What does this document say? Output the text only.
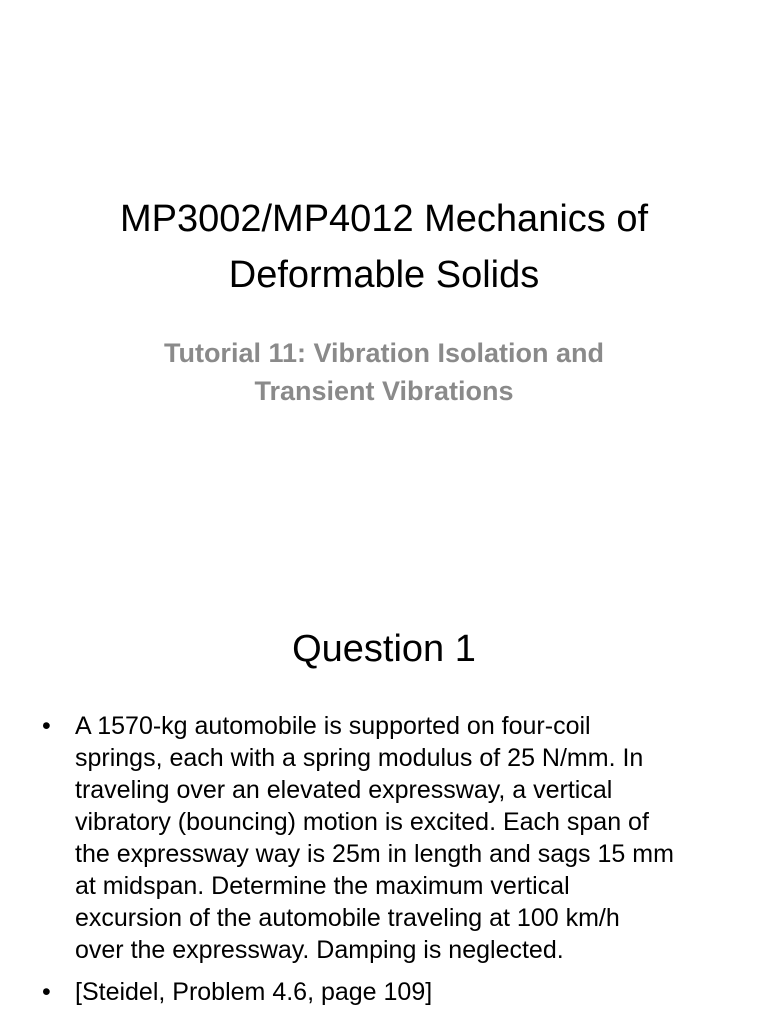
MP3002/MP4012 Mechanics of
Deformable Solids
Tutorial 11: Vibration Isolation and
Transient Vibrations
Question 1
• A 1570-kg automobile is supported on four-coil
springs, each with a spring modulus of 25 N/mm. In
traveling over an elevated expressway, a vertical
vibratory (bouncing) motion is excited. Each span of
the expressway way is 25m in length and sags 15 mm
at midspan. Determine the maximum vertical
excursion of the automobile traveling at 100 km/h
over the expressway. Damping is neglected.
• [Steidel, Problem 4.6, page 109]
